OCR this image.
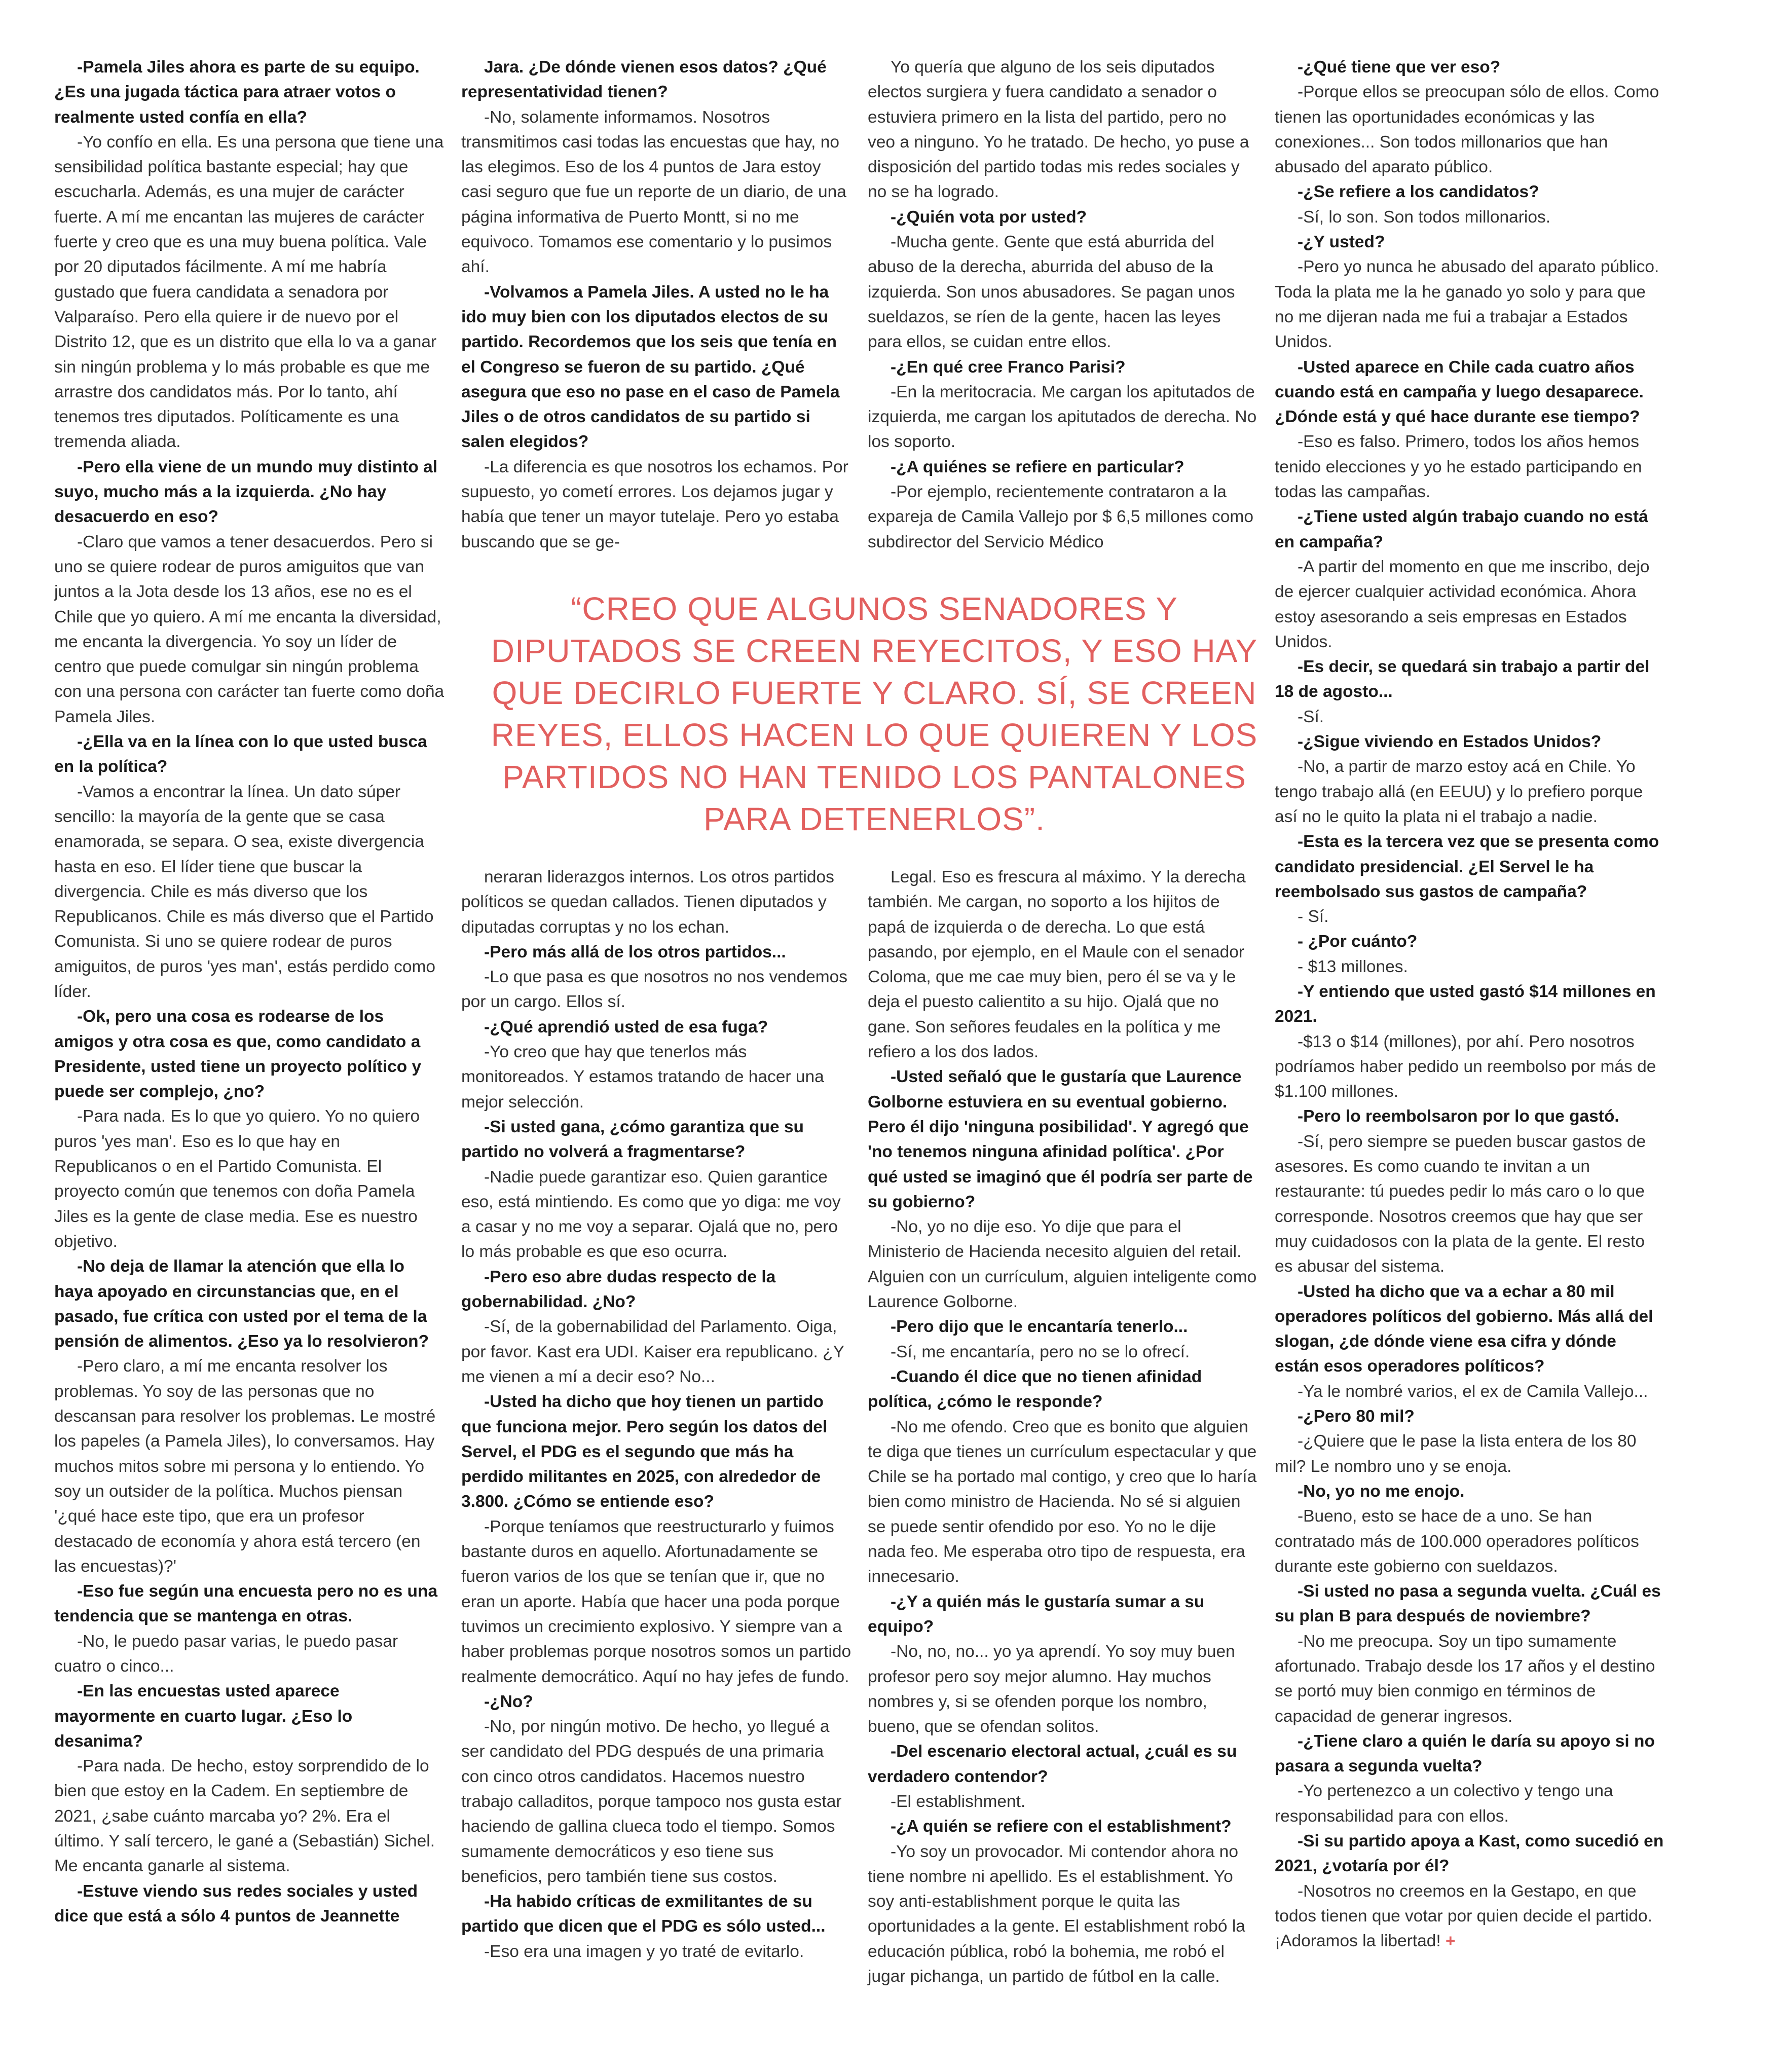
-Pamela Jiles ahora es parte de su equipo. ¿Es una jugada táctica para atraer votos o realmente usted confía en ella?

-Yo confío en ella. Es una persona que tiene una sensibilidad política bastante especial; hay que escucharla. Además, es una mujer de carácter fuerte. A mí me encantan las mujeres de carácter fuerte y creo que es una muy buena política. Vale por 20 diputados fácilmente. A mí me habría gustado que fuera candidata a senadora por Valparaíso. Pero ella quiere ir de nuevo por el Distrito 12, que es un distrito que ella lo va a ganar sin ningún problema y lo más probable es que me arrastre dos candidatos más. Por lo tanto, ahí tenemos tres diputados. Políticamente es una tremenda aliada.

-Pero ella viene de un mundo muy distinto al suyo, mucho más a la izquierda. ¿No hay desacuerdo en eso?

-Claro que vamos a tener desacuerdos. Pero si uno se quiere rodear de puros amiguitos que van juntos a la Jota desde los 13 años, ese no es el Chile que yo quiero. A mí me encanta la diversidad, me encanta la divergencia. Yo soy un líder de centro que puede comulgar sin ningún problema con una persona con carácter tan fuerte como doña Pamela Jiles.

-¿Ella va en la línea con lo que usted busca en la política?

-Vamos a encontrar la línea. Un dato súper sencillo: la mayoría de la gente que se casa enamorada, se separa. O sea, existe divergencia hasta en eso. El líder tiene que buscar la divergencia. Chile es más diverso que los Republicanos. Chile es más diverso que el Partido Comunista. Si uno se quiere rodear de puros amiguitos, de puros 'yes man', estás perdido como líder.

-Ok, pero una cosa es rodearse de los amigos y otra cosa es que, como candidato a Presidente, usted tiene un proyecto político y puede ser complejo, ¿no?

-Para nada. Es lo que yo quiero. Yo no quiero puros 'yes man'. Eso es lo que hay en Republicanos o en el Partido Comunista. El proyecto común que tenemos con doña Pamela Jiles es la gente de clase media. Ese es nuestro objetivo.

-No deja de llamar la atención que ella lo haya apoyado en circunstancias que, en el pasado, fue crítica con usted por el tema de la pensión de alimentos. ¿Eso ya lo resolvieron?

-Pero claro, a mí me encanta resolver los problemas. Yo soy de las personas que no descansan para resolver los problemas. Le mostré los papeles (a Pamela Jiles), lo conversamos. Hay muchos mitos sobre mi persona y lo entiendo. Yo soy un outsider de la política. Muchos piensan '¿qué hace este tipo, que era un profesor destacado de economía y ahora está tercero (en las encuestas)?'

-Eso fue según una encuesta pero no es una tendencia que se mantenga en otras.

-No, le puedo pasar varias, le puedo pasar cuatro o cinco...

-En las encuestas usted aparece mayormente en cuarto lugar. ¿Eso lo desanima?

-Para nada. De hecho, estoy sorprendido de lo bien que estoy en la Cadem. En septiembre de 2021, ¿sabe cuánto marcaba yo? 2%. Era el último. Y salí tercero, le gané a (Sebastián) Sichel. Me encanta ganarle al sistema.

-Estuve viendo sus redes sociales y usted dice que está a sólo 4 puntos de Jeannette

Jara. ¿De dónde vienen esos datos? ¿Qué representatividad tienen?

-No, solamente informamos. Nosotros transmitimos casi todas las encuestas que hay, no las elegimos. Eso de los 4 puntos de Jara estoy casi seguro que fue un reporte de un diario, de una página informativa de Puerto Montt, si no me equivoco. Tomamos ese comentario y lo pusimos ahí.

-Volvamos a Pamela Jiles. A usted no le ha ido muy bien con los diputados electos de su partido. Recordemos que los seis que tenía en el Congreso se fueron de su partido. ¿Qué asegura que eso no pase en el caso de Pamela Jiles o de otros candidatos de su partido si salen elegidos?

-La diferencia es que nosotros los echamos. Por supuesto, yo cometí errores. Los dejamos jugar y había que tener un mayor tutelaje. Pero yo estaba buscando que se ge-

Yo quería que alguno de los seis diputados electos surgiera y fuera candidato a senador o estuviera primero en la lista del partido, pero no veo a ninguno. Yo he tratado. De hecho, yo puse a disposición del partido todas mis redes sociales y no se ha logrado.

-¿Quién vota por usted?

-Mucha gente. Gente que está aburrida del abuso de la derecha, aburrida del abuso de la izquierda. Son unos abusadores. Se pagan unos sueldazos, se ríen de la gente, hacen las leyes para ellos, se cuidan entre ellos.

-¿En qué cree Franco Parisi?

-En la meritocracia. Me cargan los apitutados de izquierda, me cargan los apitutados de derecha. No los soporto.

-¿A quiénes se refiere en particular?

-Por ejemplo, recientemente contrataron a la expareja de Camila Vallejo por $ 6,5 millones como subdirector del Servicio Médico

-¿Qué tiene que ver eso?

-Porque ellos se preocupan sólo de ellos. Como tienen las oportunidades económicas y las conexiones... Son todos millonarios que han abusado del aparato público.

-¿Se refiere a los candidatos?

-Sí, lo son. Son todos millonarios.

-¿Y usted?

-Pero yo nunca he abusado del aparato público. Toda la plata me la he ganado yo solo y para que no me dijeran nada me fui a trabajar a Estados Unidos.

-Usted aparece en Chile cada cuatro años cuando está en campaña y luego desaparece. ¿Dónde está y qué hace durante ese tiempo?

-Eso es falso. Primero, todos los años hemos tenido elecciones y yo he estado participando en todas las campañas.

-¿Tiene usted algún trabajo cuando no está en campaña?

-A partir del momento en que me inscribo, dejo de ejercer cualquier actividad económica. Ahora estoy asesorando a seis empresas en Estados Unidos.

-Es decir, se quedará sin trabajo a partir del 18 de agosto...

-Sí.

-¿Sigue viviendo en Estados Unidos?

-No, a partir de marzo estoy acá en Chile. Yo tengo trabajo allá (en EEUU) y lo prefiero porque así no le quito la plata ni el trabajo a nadie.

-Esta es la tercera vez que se presenta como candidato presidencial. ¿El Servel le ha reembolsado sus gastos de campaña?

- Sí.

- ¿Por cuánto?

- $13 millones.

-Y entiendo que usted gastó $14 millones en 2021.

-$13 o $14 (millones), por ahí. Pero nosotros podríamos haber pedido un reembolso por más de $1.100 millones.

-Pero lo reembolsaron por lo que gastó.

-Sí, pero siempre se pueden buscar gastos de asesores. Es como cuando te invitan a un restaurante: tú puedes pedir lo más caro o lo que corresponde. Nosotros creemos que hay que ser muy cuidadosos con la plata de la gente. El resto es abusar del sistema.

-Usted ha dicho que va a echar a 80 mil operadores políticos del gobierno. Más allá del slogan, ¿de dónde viene esa cifra y dónde están esos operadores políticos?

-Ya le nombré varios, el ex de Camila Vallejo...

-¿Pero 80 mil?

-¿Quiere que le pase la lista entera de los 80 mil? Le nombro uno y se enoja.

-No, yo no me enojo.

-Bueno, esto se hace de a uno. Se han contratado más de 100.000 operadores políticos durante este gobierno con sueldazos.

-Si usted no pasa a segunda vuelta. ¿Cuál es su plan B para después de noviembre?

-No me preocupa. Soy un tipo sumamente afortunado. Trabajo desde los 17 años y el destino se portó muy bien conmigo en términos de capacidad de generar ingresos.

-¿Tiene claro a quién le daría su apoyo si no pasara a segunda vuelta?

-Yo pertenezco a un colectivo y tengo una responsabilidad para con ellos.

-Si su partido apoya a Kast, como sucedió en 2021, ¿votaría por él?

-Nosotros no creemos en la Gestapo, en que todos tienen que votar por quien decide el partido. ¡Adoramos la libertad! +

“CREO QUE ALGUNOS SENADORES Y DIPUTADOS SE CREEN REYECITOS, Y ESO HAY QUE DECIRLO FUERTE Y CLARO. SÍ, SE CREEN REYES, ELLOS HACEN LO QUE QUIEREN Y LOS PARTIDOS NO HAN TENIDO LOS PANTALONES PARA DETENERLOS”.

neraran liderazgos internos. Los otros partidos políticos se quedan callados. Tienen diputados y diputadas corruptas y no los echan.

-Pero más allá de los otros partidos...

-Lo que pasa es que nosotros no nos vendemos por un cargo. Ellos sí.

-¿Qué aprendió usted de esa fuga?

-Yo creo que hay que tenerlos más monitoreados. Y estamos tratando de hacer una mejor selección.

-Si usted gana, ¿cómo garantiza que su partido no volverá a fragmentarse?

-Nadie puede garantizar eso. Quien garantice eso, está mintiendo. Es como que yo diga: me voy a casar y no me voy a separar. Ojalá que no, pero lo más probable es que eso ocurra.

-Pero eso abre dudas respecto de la gobernabilidad. ¿No?

-Sí, de la gobernabilidad del Parlamento. Oiga, por favor. Kast era UDI. Kaiser era republicano. ¿Y me vienen a mí a decir eso? No...

-Usted ha dicho que hoy tienen un partido que funciona mejor. Pero según los datos del Servel, el PDG es el segundo que más ha perdido militantes en 2025, con alrededor de 3.800. ¿Cómo se entiende eso?

-Porque teníamos que reestructurarlo y fuimos bastante duros en aquello. Afortunadamente se fueron varios de los que se tenían que ir, que no eran un aporte. Había que hacer una poda porque tuvimos un crecimiento explosivo. Y siempre van a haber problemas porque nosotros somos un partido realmente democrático. Aquí no hay jefes de fundo.

-¿No?

-No, por ningún motivo. De hecho, yo llegué a ser candidato del PDG después de una primaria con cinco otros candidatos. Hacemos nuestro trabajo calladitos, porque tampoco nos gusta estar haciendo de gallina clueca todo el tiempo. Somos sumamente democráticos y eso tiene sus beneficios, pero también tiene sus costos.

-Ha habido críticas de exmilitantes de su partido que dicen que el PDG es sólo usted...

-Eso era una imagen y yo traté de evitarlo.

Legal. Eso es frescura al máximo. Y la derecha también. Me cargan, no soporto a los hijitos de papá de izquierda o de derecha. Lo que está pasando, por ejemplo, en el Maule con el senador Coloma, que me cae muy bien, pero él se va y le deja el puesto calientito a su hijo. Ojalá que no gane. Son señores feudales en la política y me refiero a los dos lados.

-Usted señaló que le gustaría que Laurence Golborne estuviera en su eventual gobierno. Pero él dijo 'ninguna posibilidad'. Y agregó que 'no tenemos ninguna afinidad política'. ¿Por qué usted se imaginó que él podría ser parte de su gobierno?

-No, yo no dije eso. Yo dije que para el Ministerio de Hacienda necesito alguien del retail. Alguien con un currículum, alguien inteligente como Laurence Golborne.

-Pero dijo que le encantaría tenerlo...

-Sí, me encantaría, pero no se lo ofrecí.

-Cuando él dice que no tienen afinidad política, ¿cómo le responde?

-No me ofendo. Creo que es bonito que alguien te diga que tienes un currículum espectacular y que Chile se ha portado mal contigo, y creo que lo haría bien como ministro de Hacienda. No sé si alguien se puede sentir ofendido por eso. Yo no le dije nada feo. Me esperaba otro tipo de respuesta, era innecesario.

-¿Y a quién más le gustaría sumar a su equipo?

-No, no, no... yo ya aprendí. Yo soy muy buen profesor pero soy mejor alumno. Hay muchos nombres y, si se ofenden porque los nombro, bueno, que se ofendan solitos.

-Del escenario electoral actual, ¿cuál es su verdadero contendor?

-El establishment.

-¿A quién se refiere con el establishment?

-Yo soy un provocador. Mi contendor ahora no tiene nombre ni apellido. Es el establishment. Yo soy anti-establishment porque le quita las oportunidades a la gente. El establishment robó la educación pública, robó la bohemia, me robó el jugar pichanga, un partido de fútbol en la calle.
